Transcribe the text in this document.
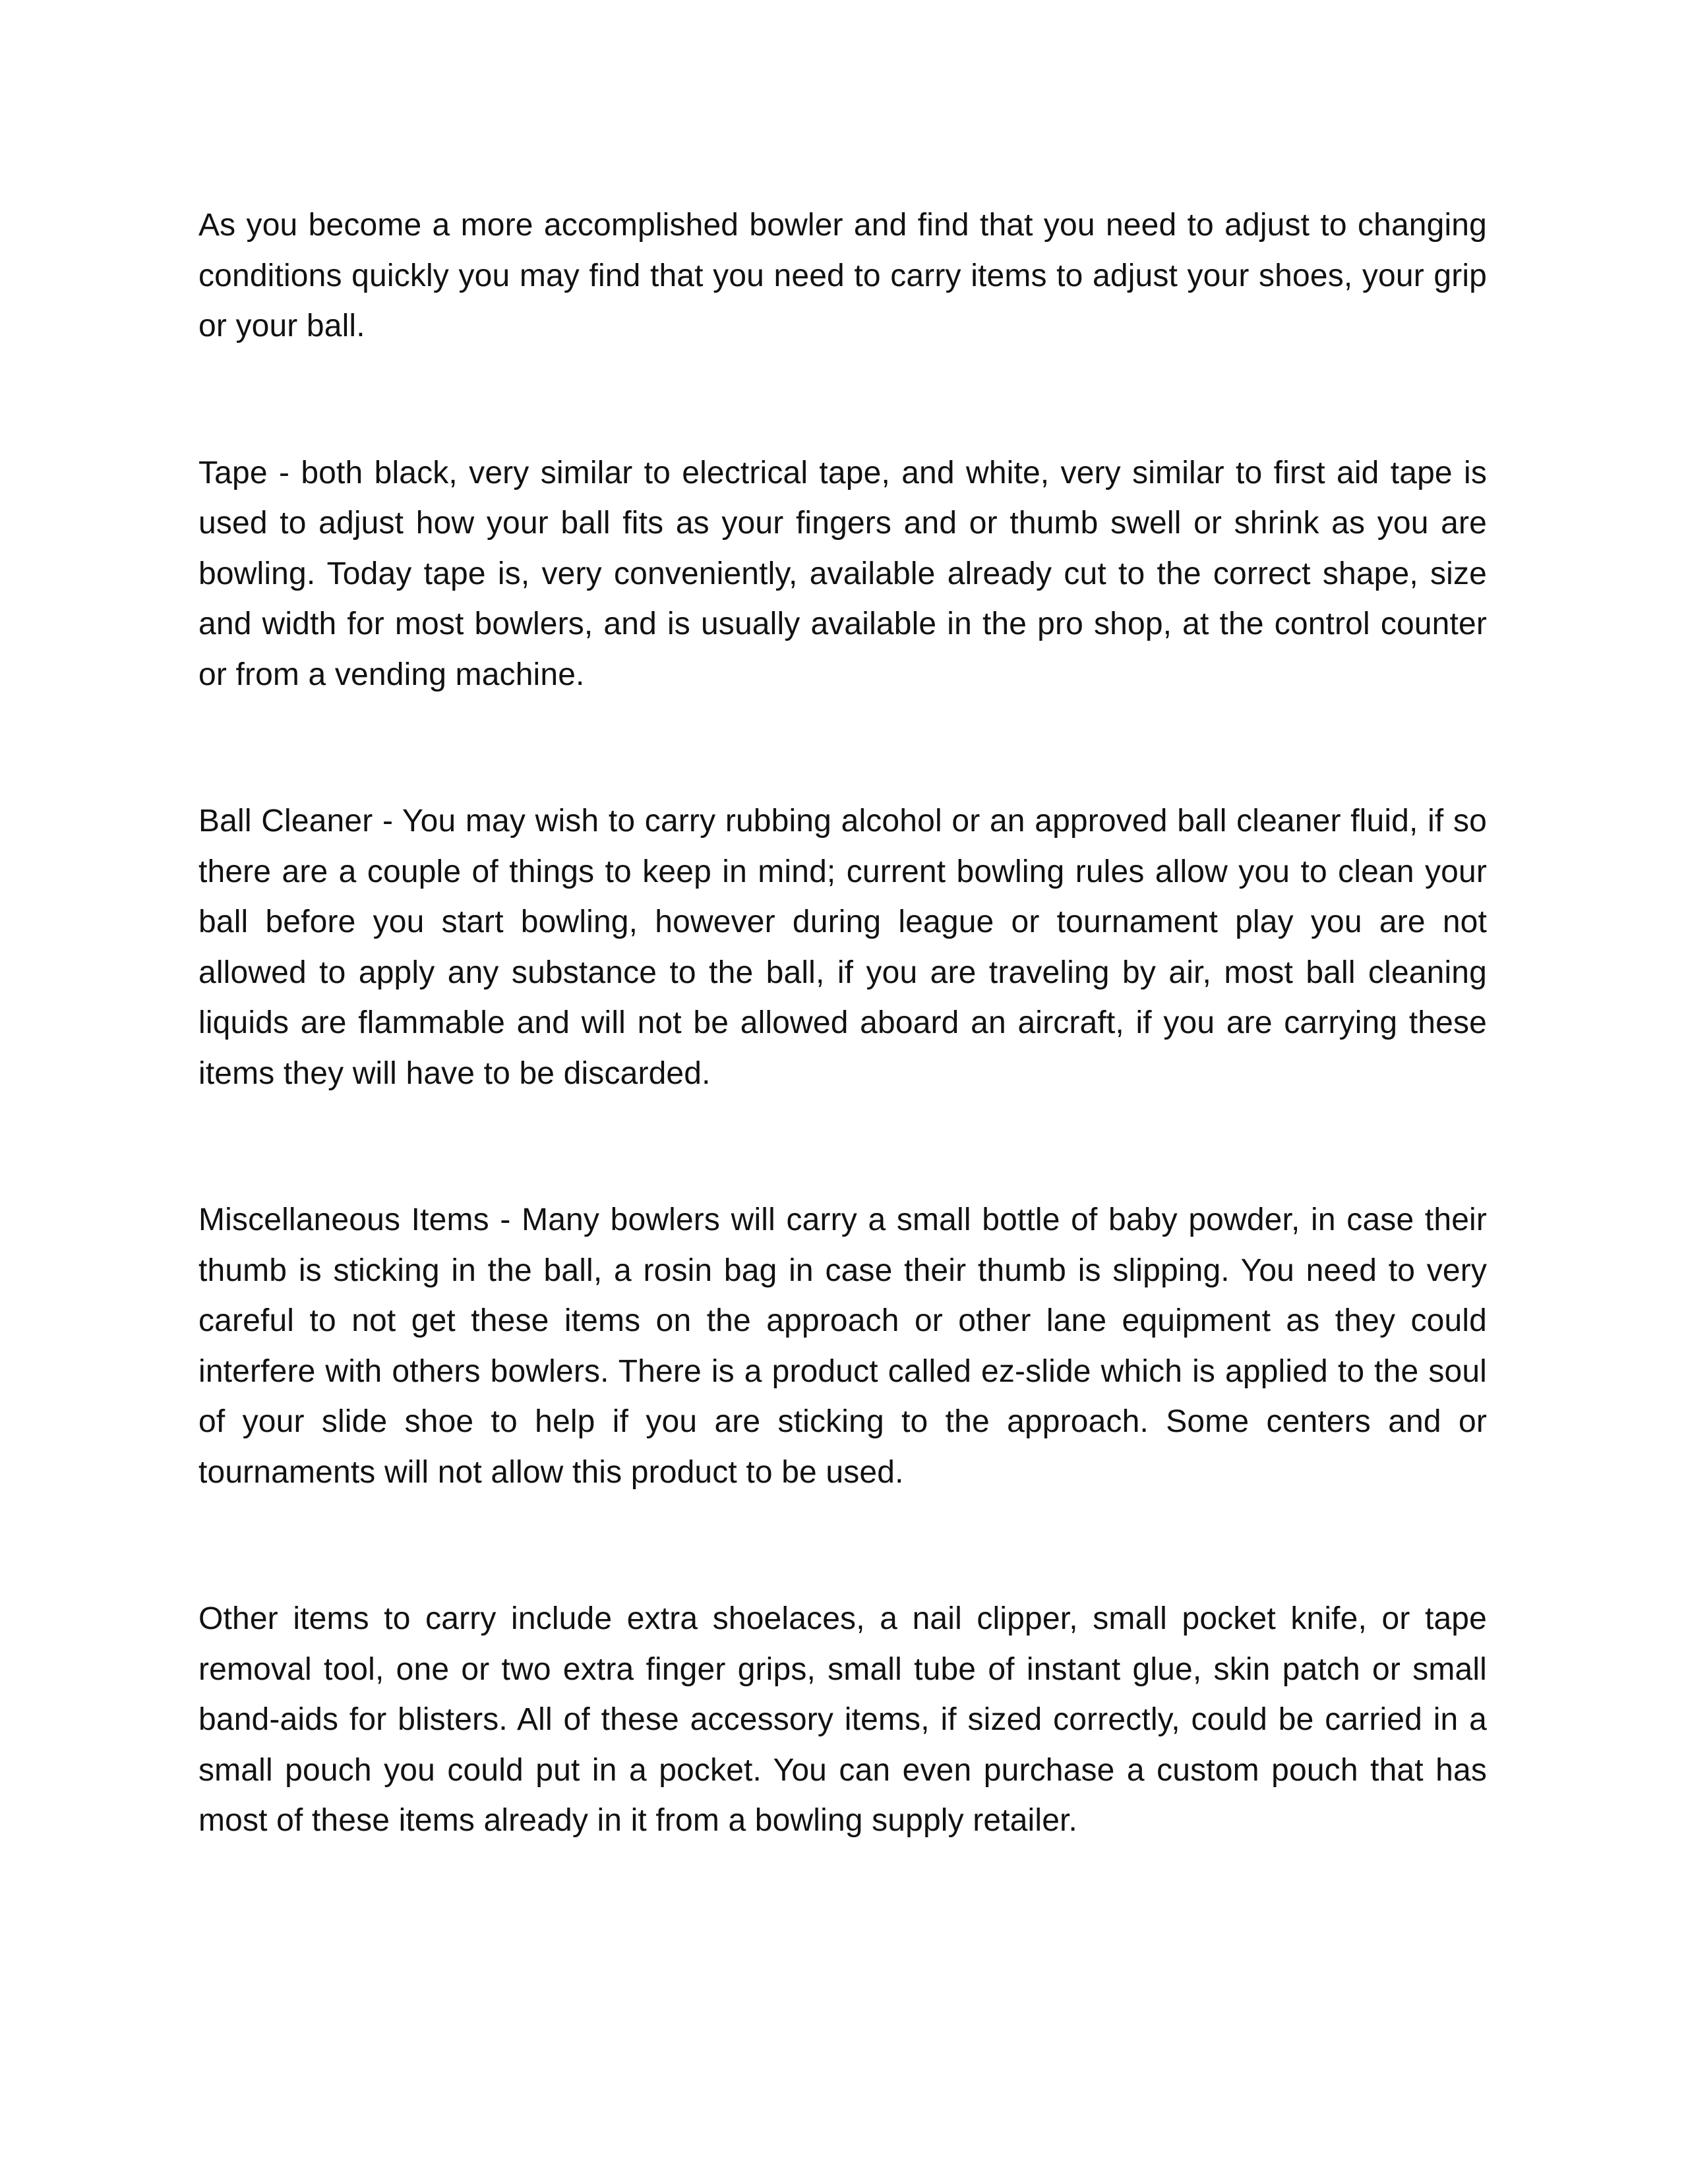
As you become a more accomplished bowler and find that you need to adjust to changing conditions quickly you may find that you need to carry items to adjust your shoes, your grip or your ball.

Tape - both black, very similar to electrical tape, and white, very similar to first aid tape is used to adjust how your ball fits as your fingers and or thumb swell or shrink as you are bowling. Today tape is, very conveniently, available already cut to the correct shape, size and width for most bowlers, and is usually available in the pro shop, at the control counter or from a vending machine.

Ball Cleaner - You may wish to carry rubbing alcohol or an approved ball cleaner fluid, if so there are a couple of things to keep in mind; current bowling rules allow you to clean your ball before you start bowling, however during league or tournament play you are not allowed to apply any substance to the ball, if you are traveling by air, most ball cleaning liquids are flammable and will not be allowed aboard an aircraft, if you are carrying these items they will have to be discarded.

Miscellaneous Items - Many bowlers will carry a small bottle of baby powder, in case their thumb is sticking in the ball, a rosin bag in case their thumb is slipping. You need to very careful to not get these items on the approach or other lane equipment as they could interfere with others bowlers. There is a product called ez-slide which is applied to the soul of your slide shoe to help if you are sticking to the approach. Some centers and or tournaments will not allow this product to be used.

Other items to carry include extra shoelaces, a nail clipper, small pocket knife, or tape removal tool, one or two extra finger grips, small tube of instant glue, skin patch or small band-aids for blisters. All of these accessory items, if sized correctly, could be carried in a small pouch you could put in a pocket. You can even purchase a custom pouch that has most of these items already in it from a bowling supply retailer.
